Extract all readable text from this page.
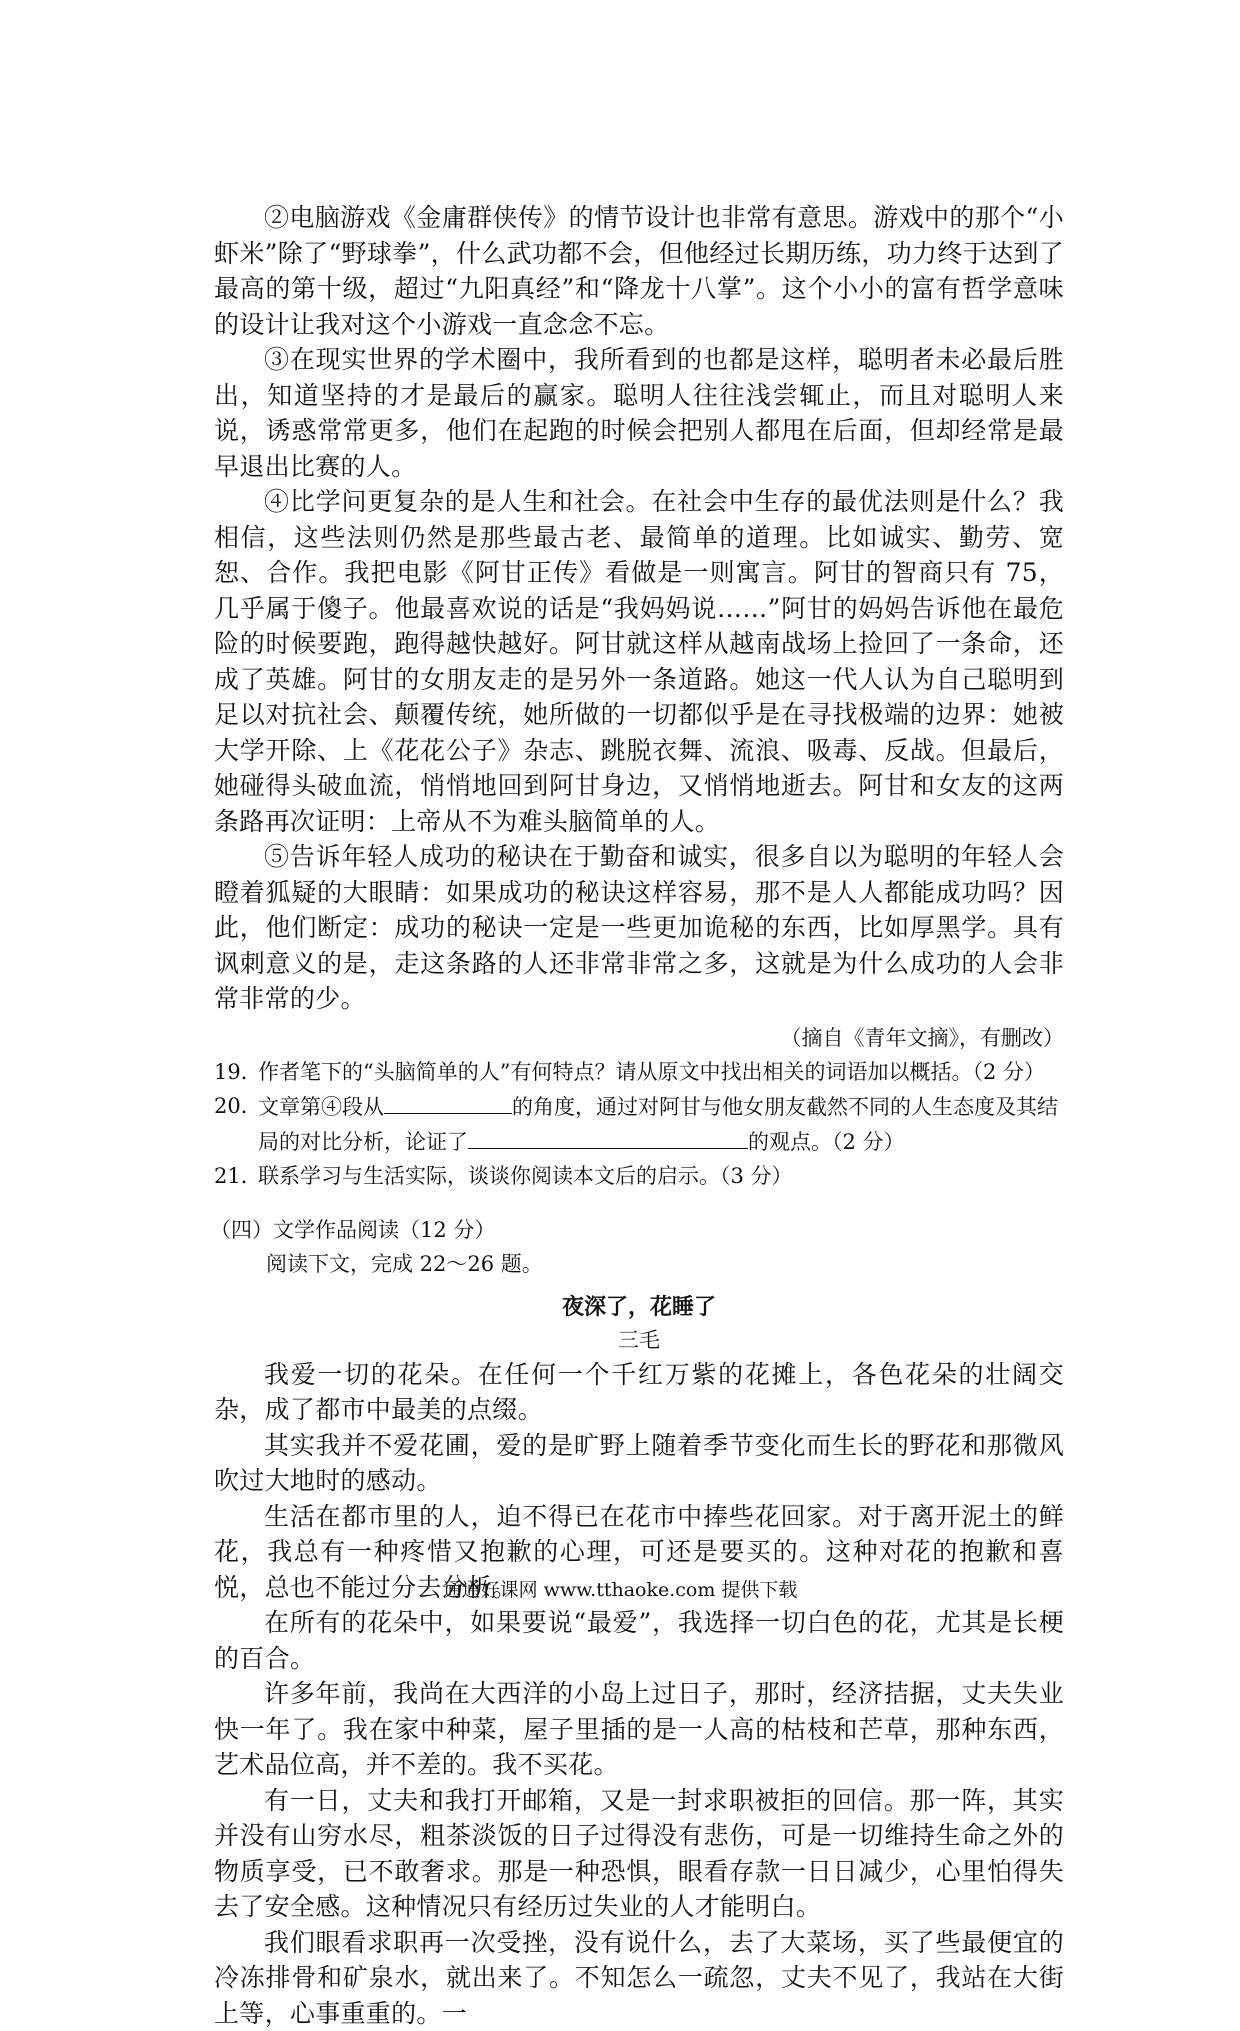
②电脑游戏《金庸群侠传》的情节设计也非常有意思。游戏中的那个“小虾米”除了“野球拳”，什么武功都不会，但他经过长期历练，功力终于达到了最高的第十级，超过“九阳真经”和“降龙十八掌”。这个小小的富有哲学意味的设计让我对这个小游戏一直念念不忘。

③在现实世界的学术圈中，我所看到的也都是这样，聪明者未必最后胜出，知道坚持的才是最后的赢家。聪明人往往浅尝辄止，而且对聪明人来说，诱惑常常更多，他们在起跑的时候会把别人都甩在后面，但却经常是最早退出比赛的人。

④比学问更复杂的是人生和社会。在社会中生存的最优法则是什么？我相信，这些法则仍然是那些最古老、最简单的道理。比如诚实、勤劳、宽恕、合作。我把电影《阿甘正传》看做是一则寓言。阿甘的智商只有 75，几乎属于傻子。他最喜欢说的话是“我妈妈说……”阿甘的妈妈告诉他在最危险的时候要跑，跑得越快越好。阿甘就这样从越南战场上捡回了一条命，还成了英雄。阿甘的女朋友走的是另外一条道路。她这一代人认为自己聪明到足以对抗社会、颠覆传统，她所做的一切都似乎是在寻找极端的边界：她被大学开除、上《花花公子》杂志、跳脱衣舞、流浪、吸毒、反战。但最后，她碰得头破血流，悄悄地回到阿甘身边，又悄悄地逝去。阿甘和女友的这两条路再次证明：上帝从不为难头脑简单的人。

⑤告诉年轻人成功的秘诀在于勤奋和诚实，很多自以为聪明的年轻人会瞪着狐疑的大眼睛：如果成功的秘诀这样容易，那不是人人都能成功吗？因此，他们断定：成功的秘诀一定是一些更加诡秘的东西，比如厚黑学。具有讽刺意义的是，走这条路的人还非常非常之多，这就是为什么成功的人会非常非常的少。

（摘自《青年文摘》，有删改）

19．
作者笔下的“头脑简单的人”有何特点？请从原文中找出相关的词语加以概括。（2 分）

20．
文章第④段从	的角度，通过对阿甘与他女朋友截然不同的人生态度及其结局的对比分析，论证了	的观点。（2 分）

21．
联系学习与生活实际，谈谈你阅读本文后的启示。（3 分）

（四）文学作品阅读（12 分）

阅读下文，完成 22～26 题。

夜深了，花睡了

三毛

我爱一切的花朵。在任何一个千红万紫的花摊上，各色花朵的壮阔交杂，成了都市中最美的点缀。

其实我并不爱花圃，爱的是旷野上随着季节变化而生长的野花和那微风吹过大地时的感动。

生活在都市里的人，迫不得已在花市中捧些花回家。对于离开泥土的鲜花，我总有一种疼惜又抱歉的心理，可还是要买的。这种对花的抱歉和喜悦，总也不能过分去分析。

在所有的花朵中，如果要说“最爱”，我选择一切白色的花，尤其是长梗的百合。

许多年前，我尚在大西洋的小岛上过日子，那时，经济拮据，丈夫失业快一年了。我在家中种菜，屋子里插的是一人高的枯枝和芒草，那种东西，艺术品位高，并不差的。我不买花。

有一日，丈夫和我打开邮箱，又是一封求职被拒的回信。那一阵，其实并没有山穷水尽，粗茶淡饭的日子过得没有悲伤，可是一切维持生命之外的物质享受，已不敢奢求。那是一种恐惧，眼看存款一日日减少，心里怕得失去了安全感。这种情况只有经历过失业的人才能明白。

我们眼看求职再一次受挫，没有说什么，去了大菜场，买了些最便宜的冷冻排骨和矿泉水，就出来了。不知怎么一疏忽，丈夫不见了，我站在大街上等，心事重重的。一

通通好课网 www.tthaoke.com 提供下载
